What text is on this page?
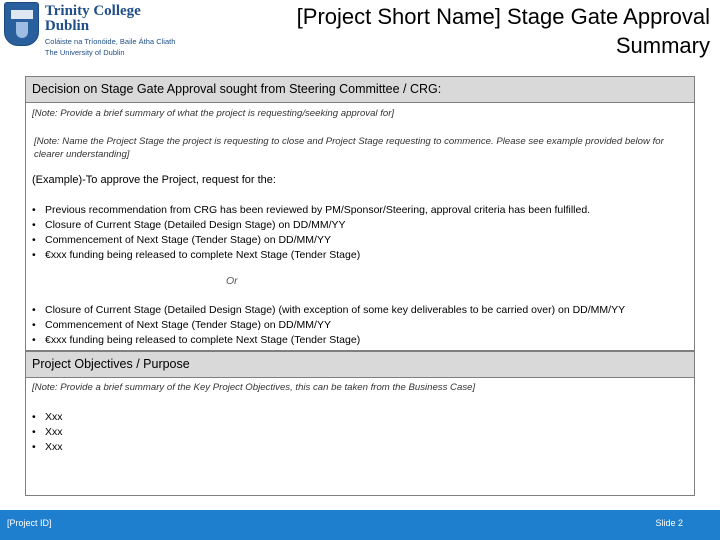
Trinity College Dublin
Coláiste na Tríonóide, Baile Átha Cliath
The University of Dublin
[Project Short Name] Stage Gate Approval Summary
Decision on Stage Gate Approval sought from Steering Committee / CRG:
[Note: Provide a brief summary of what the project is requesting/seeking approval for]
[Note: Name the Project Stage the project is requesting to close and Project Stage requesting to commence. Please see example provided below for clearer understanding]
(Example)-To approve the Project, request for the:
• Previous recommendation from CRG has been reviewed by PM/Sponsor/Steering, approval criteria has been fulfilled.
• Closure of Current Stage (Detailed Design Stage) on DD/MM/YY
• Commencement of Next Stage (Tender Stage) on DD/MM/YY
• €xxx funding being released to complete Next Stage (Tender Stage)
Or
• Closure of Current Stage (Detailed Design Stage) (with exception of some key deliverables to be carried over) on DD/MM/YY
• Commencement of Next Stage (Tender Stage) on DD/MM/YY
• €xxx funding being released to complete Next Stage (Tender Stage)
Project Objectives / Purpose
[Note: Provide a brief summary of the Key Project Objectives, this can be taken from the Business Case]
• Xxx
• Xxx
• Xxx
[Project ID]	Slide 2
